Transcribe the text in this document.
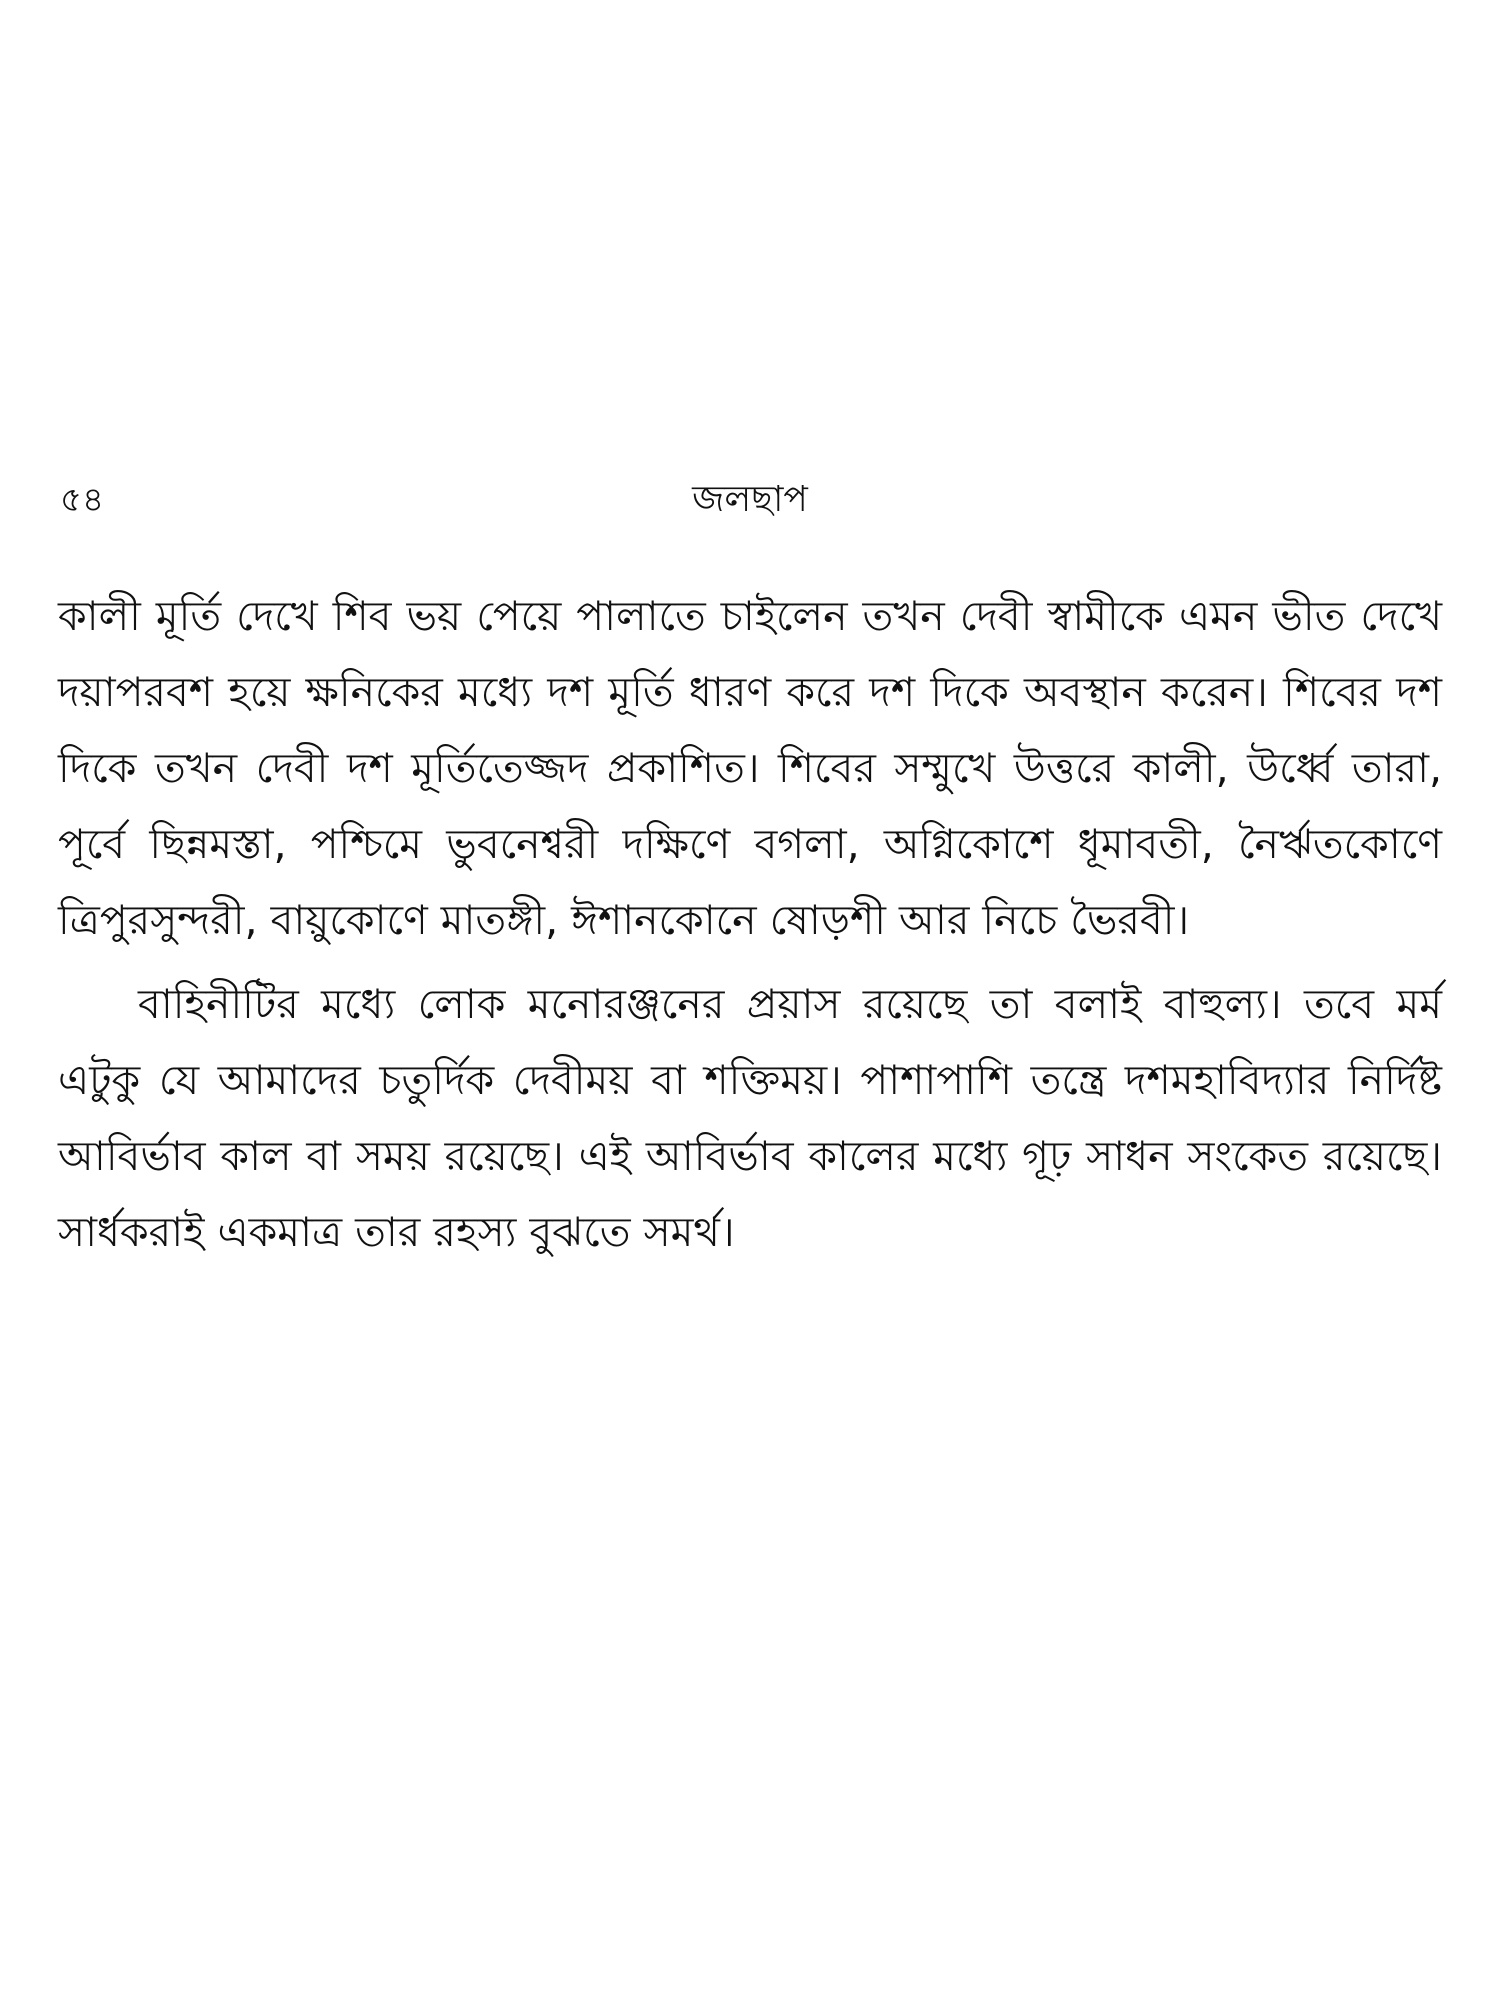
৫৪	জলছাপ

কালী মূর্তি দেখে শিব ভয় পেয়ে পালাতে চাইলেন তখন দেবী স্বামীকে এমন ভীত দেখে দয়াপরবশ হয়ে ক্ষনিকের মধ্যে দশ মূর্তি ধারণ করে দশ দিকে অবস্থান করেন। শিবের দশ দিকে তখন দেবী দশ মূর্তিতেজ্জদ প্রকাশিত। শিবের সম্মুখে উত্তরে কালী, উর্ধ্বে তারা, পূর্বে ছিন্নমস্তা, পশ্চিমে ভুবনেশ্বরী দক্ষিণে বগলা, অগ্নিকোশে ধূমাবতী, নৈর্ঋতকোণে ত্রিপুরসুন্দরী, বায়ুকোণে মাতঙ্গী, ঈশানকোনে ষোড়শী আর নিচে ভৈরবী।

বাহিনীটির মধ্যে লোক মনোরঞ্জনের প্রয়াস রয়েছে তা বলাই বাহুল্য। তবে মর্ম এটুকু যে আমাদের চতুর্দিক দেবীময় বা শক্তিময়। পাশাপাশি তন্ত্রে দশমহাবিদ্যার নির্দিষ্ট আবির্ভাব কাল বা সময় রয়েছে। এই আবির্ভাব কালের মধ্যে গূঢ় সাধন সংকেত রয়েছে। সার্ধকরাই একমাত্র তার রহস্য বুঝতে সমর্থ।
